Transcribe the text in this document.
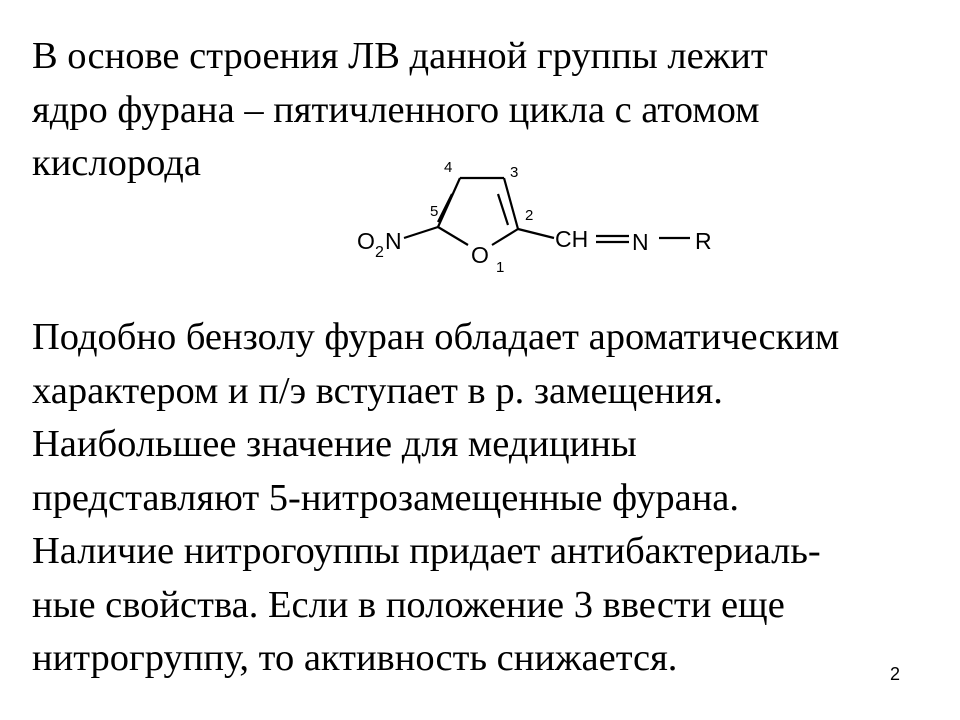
В основе строения ЛВ данной группы лежит
ядро фурана – пятичленного цикла с атомом
кислорода
O 2 N
O
CH N R
1
2
3
4
5
Подобно бензолу фуран обладает ароматическим
характером и п/э вступает в р. замещения.
Наибольшее значение для медицины
представляют 5-нитрозамещенные фурана.
Наличие нитрогоуппы придает антибактериаль-
ные свойства. Если в положение 3 ввести еще
нитрогруппу, то активность снижается.	2
